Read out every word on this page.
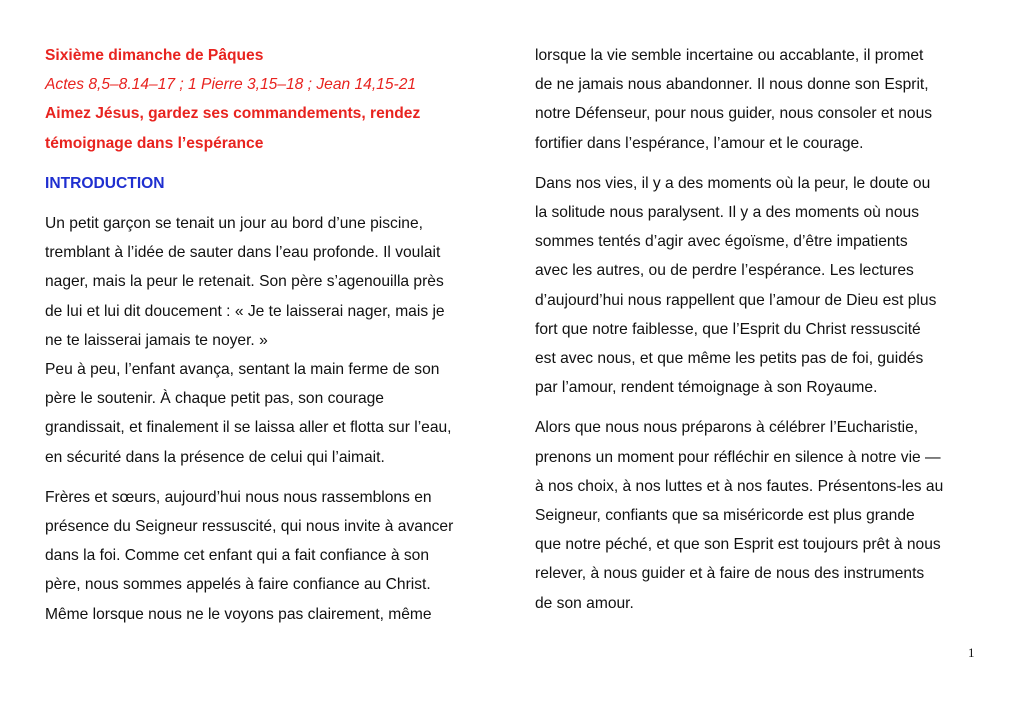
Sixième dimanche de Pâques
Actes 8,5–8.14–17 ; 1 Pierre 3,15–18 ; Jean 14,15-21
Aimez Jésus, gardez ses commandements, rendez
témoignage dans l’espérance
INTRODUCTION
Un petit garçon se tenait un jour au bord d’une piscine,
tremblant à l’idée de sauter dans l’eau profonde. Il voulait
nager, mais la peur le retenait. Son père s’agenouilla près
de lui et lui dit doucement : « Je te laisserai nager, mais je
ne te laisserai jamais te noyer. »
Peu à peu, l’enfant avança, sentant la main ferme de son
père le soutenir. À chaque petit pas, son courage
grandissait, et finalement il se laissa aller et flotta sur l’eau,
en sécurité dans la présence de celui qui l’aimait.
Frères et sœurs, aujourd’hui nous nous rassemblons en
présence du Seigneur ressuscité, qui nous invite à avancer
dans la foi. Comme cet enfant qui a fait confiance à son
père, nous sommes appelés à faire confiance au Christ.
Même lorsque nous ne le voyons pas clairement, même
lorsque la vie semble incertaine ou accablante, il promet
de ne jamais nous abandonner. Il nous donne son Esprit,
notre Défenseur, pour nous guider, nous consoler et nous
fortifier dans l’espérance, l’amour et le courage.
Dans nos vies, il y a des moments où la peur, le doute ou
la solitude nous paralysent. Il y a des moments où nous
sommes tentés d’agir avec égoïsme, d’être impatients
avec les autres, ou de perdre l’espérance. Les lectures
d’aujourd’hui nous rappellent que l’amour de Dieu est plus
fort que notre faiblesse, que l’Esprit du Christ ressuscité
est avec nous, et que même les petits pas de foi, guidés
par l’amour, rendent témoignage à son Royaume.
Alors que nous nous préparons à célébrer l’Eucharistie,
prenons un moment pour réfléchir en silence à notre vie —
à nos choix, à nos luttes et à nos fautes. Présentons-les au
Seigneur, confiants que sa miséricorde est plus grande
que notre péché, et que son Esprit est toujours prêt à nous
relever, à nous guider et à faire de nous des instruments
de son amour.
1
